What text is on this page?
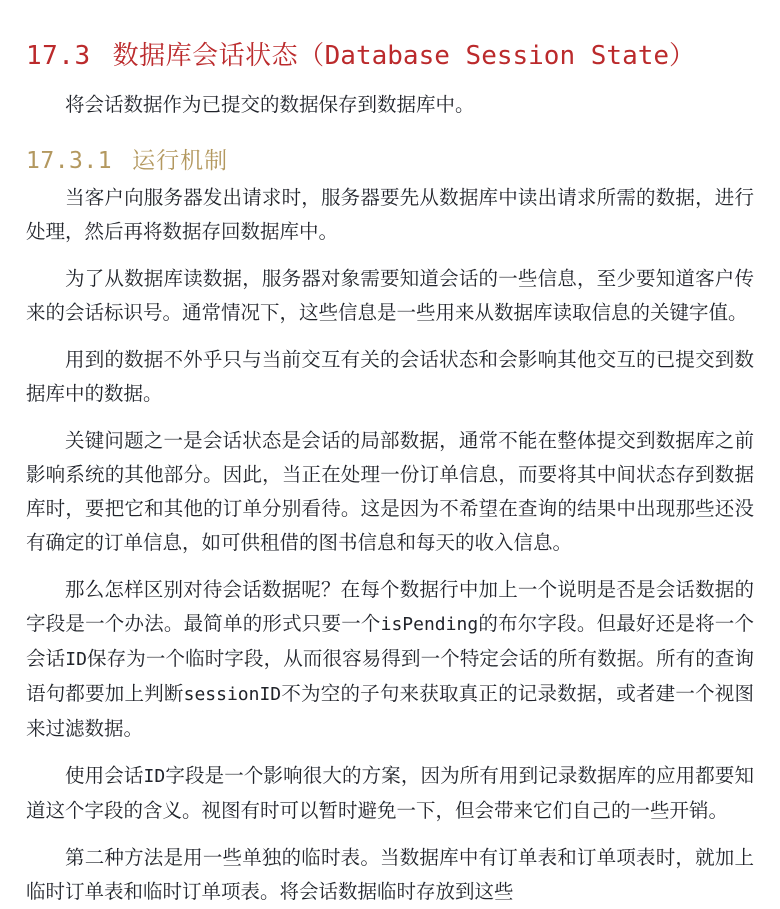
17.3 数据库会话状态（Database Session State）
17.3.1 运行机制

将会话数据作为已提交的数据保存到数据库中。

当客户向服务器发出请求时，服务器要先从数据库中读出请求所需的数据，进行处理，然后再将数据存回数据库中。

为了从数据库读数据，服务器对象需要知道会话的一些信息，至少要知道客户传来的会话标识号。通常情况下，这些信息是一些用来从数据库读取信息的关键字值。

用到的数据不外乎只与当前交互有关的会话状态和会影响其他交互的已提交到数据库中的数据。

关键问题之一是会话状态是会话的局部数据，通常不能在整体提交到数据库之前影响系统的其他部分。因此，当正在处理一份订单信息，而要将其中间状态存到数据库时，要把它和其他的订单分别看待。这是因为不希望在查询的结果中出现那些还没有确定的订单信息，如可供租借的图书信息和每天的收入信息。

那么怎样区别对待会话数据呢？在每个数据行中加上一个说明是否是会话数据的字段是一个办法。最简单的形式只要一个isPending的布尔字段。但最好还是将一个会话ID保存为一个临时字段，从而很容易得到一个特定会话的所有数据。所有的查询语句都要加上判断sessionID不为空的子句来获取真正的记录数据，或者建一个视图来过滤数据。

使用会话ID字段是一个影响很大的方案，因为所有用到记录数据库的应用都要知道这个字段的含义。视图有时可以暂时避免一下，但会带来它们自己的一些开销。

第二种方法是用一些单独的临时表。当数据库中有订单表和订单项表时，就加上临时订单表和临时订单项表。将会话数据临时存放到这些
